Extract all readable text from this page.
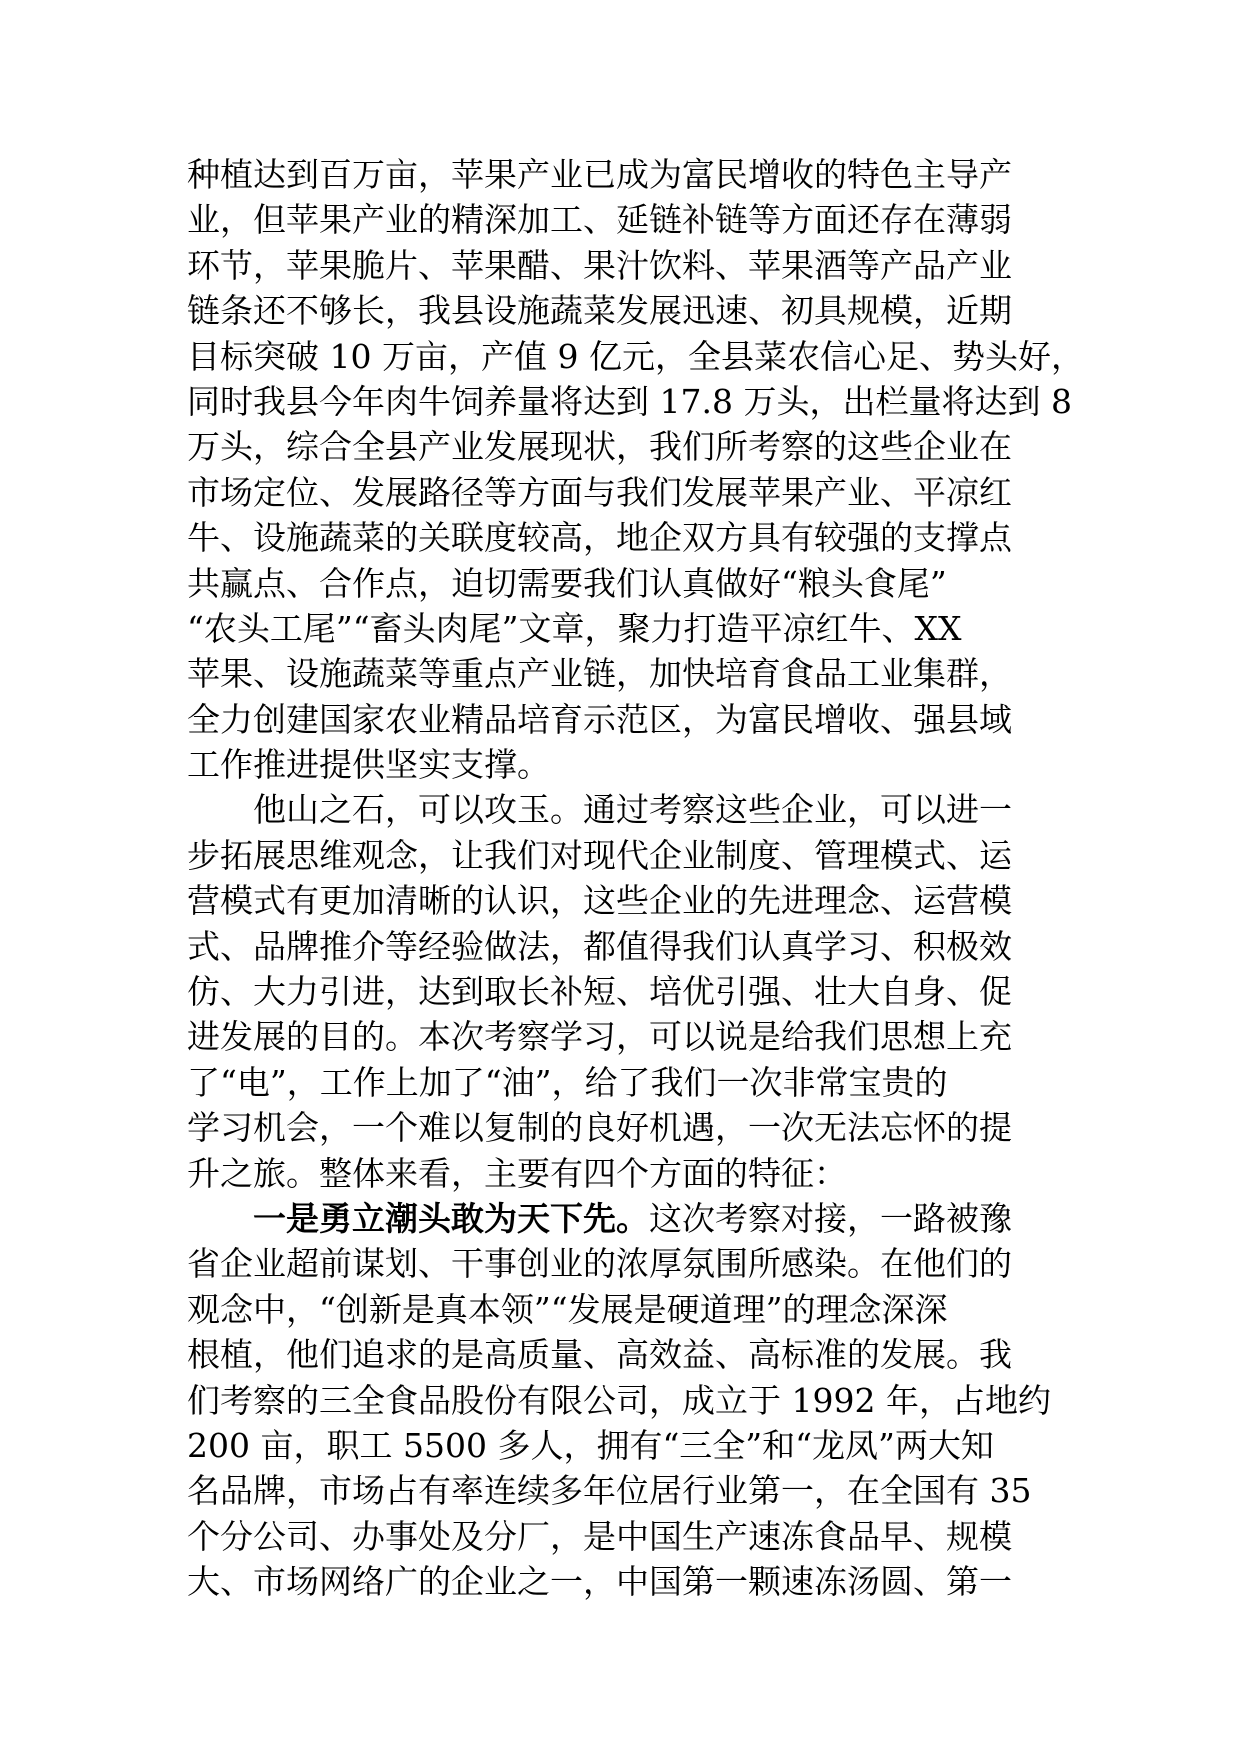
种植达到百万亩，苹果产业已成为富民增收的特色主导产
业，但苹果产业的精深加工、延链补链等方面还存在薄弱
环节，苹果脆片、苹果醋、果汁饮料、苹果酒等产品产业
链条还不够长，我县设施蔬菜发展迅速、初具规模，近期
目标突破 10 万亩，产值 9 亿元，全县菜农信心足、势头好，
同时我县今年肉牛饲养量将达到 17.8 万头，出栏量将达到 8
万头，综合全县产业发展现状，我们所考察的这些企业在
市场定位、发展路径等方面与我们发展苹果产业、平凉红
牛、设施蔬菜的关联度较高，地企双方具有较强的支撑点
共赢点、合作点，迫切需要我们认真做好“粮头食尾”
“农头工尾”“畜头肉尾”文章，聚力打造平凉红牛、XX
苹果、设施蔬菜等重点产业链，加快培育食品工业集群，
全力创建国家农业精品培育示范区，为富民增收、强县域
工作推进提供坚实支撑。
他山之石，可以攻玉。通过考察这些企业，可以进一
步拓展思维观念，让我们对现代企业制度、管理模式、运
营模式有更加清晰的认识，这些企业的先进理念、运营模
式、品牌推介等经验做法，都值得我们认真学习、积极效
仿、大力引进，达到取长补短、培优引强、壮大自身、促
进发展的目的。本次考察学习，可以说是给我们思想上充
了“电”，工作上加了“油”，给了我们一次非常宝贵的
学习机会，一个难以复制的良好机遇，一次无法忘怀的提
升之旅。整体来看，主要有四个方面的特征：
一是勇立潮头敢为天下先。这次考察对接，一路被豫
省企业超前谋划、干事创业的浓厚氛围所感染。在他们的
观念中，“创新是真本领”“发展是硬道理”的理念深深
根植，他们追求的是高质量、高效益、高标准的发展。我
们考察的三全食品股份有限公司，成立于 1992 年，占地约
200 亩，职工 5500 多人，拥有“三全”和“龙凤”两大知
名品牌，市场占有率连续多年位居行业第一，在全国有 35
个分公司、办事处及分厂，是中国生产速冻食品早、规模
大、市场网络广的企业之一，中国第一颗速冻汤圆、第一
